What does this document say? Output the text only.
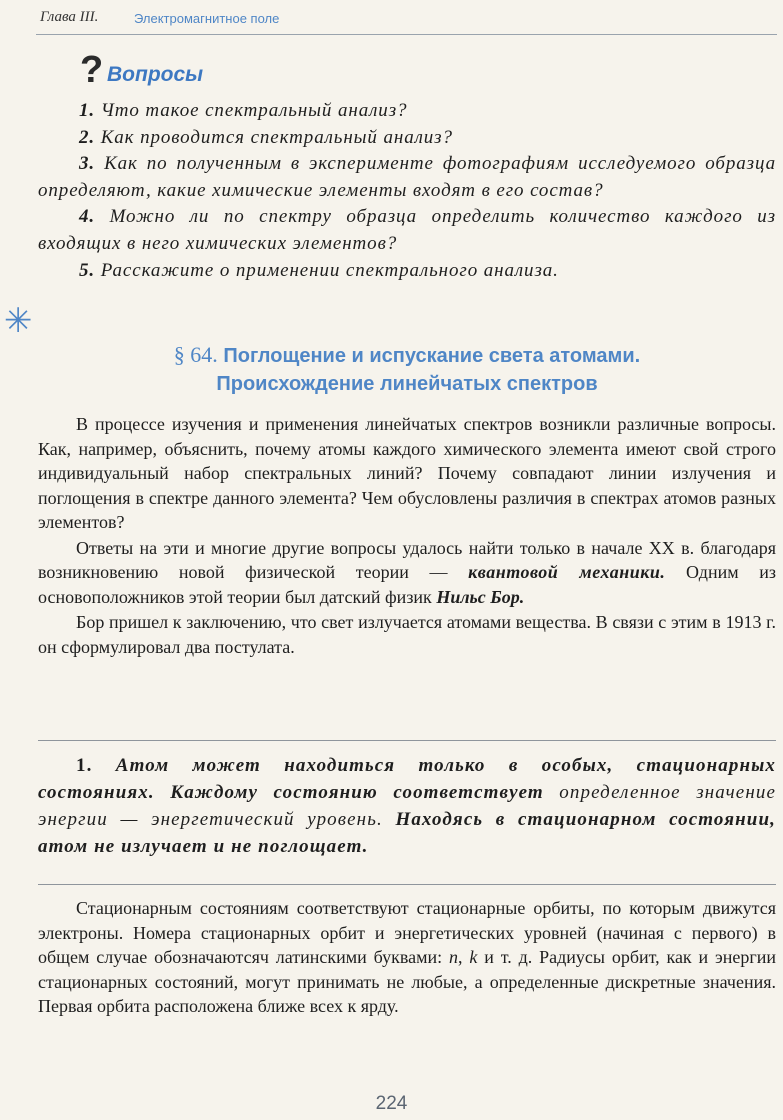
Глава III.	Электромагнитное поле
? Вопросы

1. Что такое спектральный анализ?

2. Как проводится спектральный анализ?

3. Как по полученным в эксперименте фотографиям исследуемого образца определяют, какие химические элементы входят в его состав?

4. Можно ли по спектру образца определить количество каждого из входящих в него химических элементов?

5. Расскажите о применении спектрального анализа.

✳
§ 64. Поглощение и испускание света атомами.
Происхождение линейчатых спектров

В процессе изучения и применения линейчатых спектров возникли различные вопросы. Как, например, объяснить, почему атомы каждого химического элемента имеют свой строго индивидуальный набор спектральных линий? Почему совпадают линии излучения и поглощения в спектре данного элемента? Чем обусловлены различия в спектрах атомов разных элементов?

Ответы на эти и многие другие вопросы удалось найти только в начале XX в. благодаря возникновению новой физической теории — квантовой механики. Одним из основоположников этой теории был датский физик Нильс Бор.

Бор пришел к заключению, что свет излучается атомами вещества. В связи с этим в 1913 г. он сформулировал два постулата.

1. Атом может находиться только в особых, стационарных состояниях. Каждому состоянию соответствует определенное значение энергии — энергетический уровень. Находясь в стационарном состоянии, атом не излучает и не поглощает.

Стационарным состояниям соответствуют стационарные орбиты, по которым движутся электроны. Номера стационарных орбит и энергетических уровней (начиная с первого) в общем случае обозначаютсяч латинскими буквами: n, k и т. д. Радиусы орбит, как и энергии стационарных состояний, могут принимать не любые, а определенные дискретные значения. Первая орбита расположена ближе всех к ярду.

224
